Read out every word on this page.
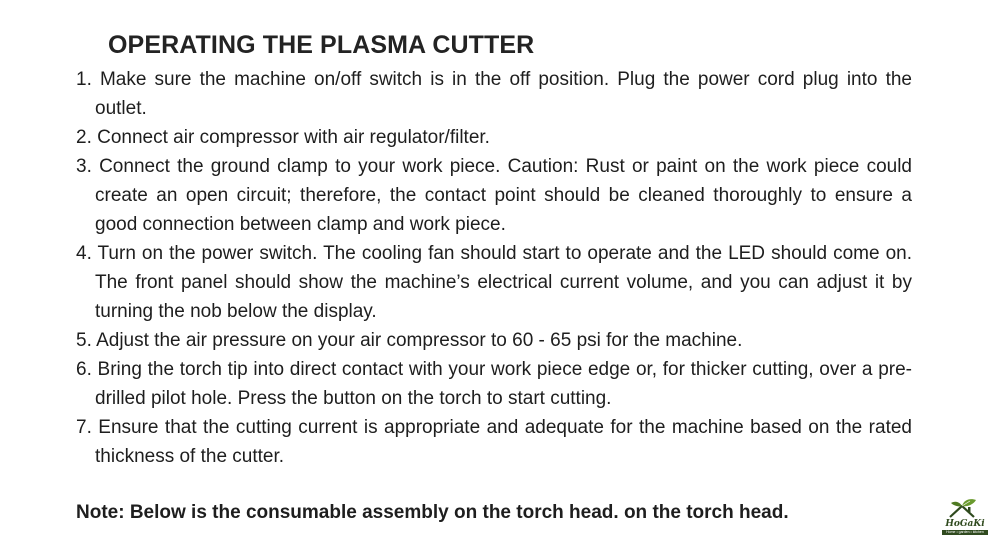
OPERATING THE PLASMA CUTTER
1. Make sure the machine on/off switch is in the off position. Plug the power cord plug into the outlet.
2. Connect air compressor with air regulator/filter.
3. Connect the ground clamp to your work piece. Caution: Rust or paint on the work piece could create an open circuit; therefore, the contact point should be cleaned thoroughly to ensure a good connection between clamp and work piece.
4. Turn on the power switch. The cooling fan should start to operate and the LED should come on. The front panel should show the machine’s electrical current volume, and you can adjust it by turning the nob below the display.
5. Adjust the air pressure on your air compressor to 60 - 65 psi for the machine.
6. Bring the torch tip into direct contact with your work piece edge or, for thicker cutting, over a pre-drilled pilot hole. Press the button on the torch to start cutting.
7. Ensure that the cutting current is appropriate and adequate for the machine based on the rated thickness of the cutter.
Note: Below is the consumable assembly on the torch head. on the torch head.
HoGaKi
Home • garden • kitchen
